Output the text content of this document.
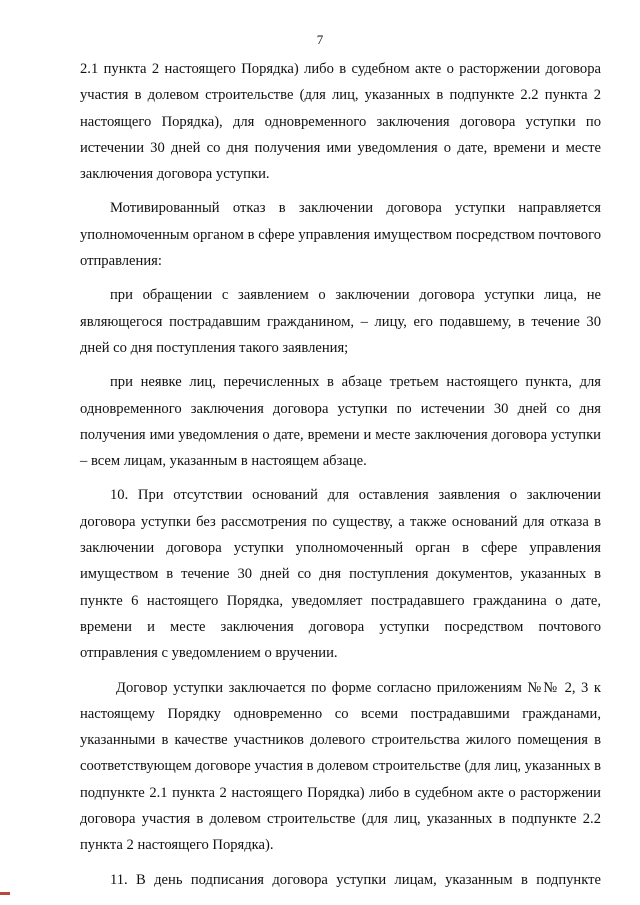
7

2.1 пункта 2 настоящего Порядка) либо в судебном акте о расторжении договора участия в долевом строительстве (для лиц, указанных в подпункте 2.2 пункта 2 настоящего Порядка), для одновременного заключения договора уступки по истечении 30 дней со дня получения ими уведомления о дате, времени и месте заключения договора уступки.

Мотивированный отказ в заключении договора уступки направляется уполномоченным органом в сфере управления имуществом посредством почтового отправления:

при обращении с заявлением о заключении договора уступки лица, не являющегося пострадавшим гражданином, – лицу, его подавшему, в течение 30 дней со дня поступления такого заявления;

при неявке лиц, перечисленных в абзаце третьем настоящего пункта, для одновременного заключения договора уступки по истечении 30 дней со дня получения ими уведомления о дате, времени и месте заключения договора уступки – всем лицам, указанным в настоящем абзаце.

10. При отсутствии оснований для оставления заявления о заключении договора уступки без рассмотрения по существу, а также оснований для отказа в заключении договора уступки уполномоченный орган в сфере управления имуществом в течение 30 дней со дня поступления документов, указанных в пункте 6 настоящего Порядка, уведомляет пострадавшего гражданина о дате, времени и месте заключения договора уступки посредством почтового отправления с уведомлением о вручении.

Договор уступки заключается по форме согласно приложениям №№ 2, 3 к настоящему Порядку одновременно со всеми пострадавшими гражданами, указанными в качестве участников долевого строительства жилого помещения в соответствующем договоре участия в долевом строительстве (для лиц, указанных в подпункте 2.1 пункта 2 настоящего Порядка) либо в судебном акте о расторжении договора участия в долевом строительстве (для лиц, указанных в подпункте 2.2 пункта 2 настоящего Порядка).

11. В день подписания договора уступки лицам, указанным в подпункте
